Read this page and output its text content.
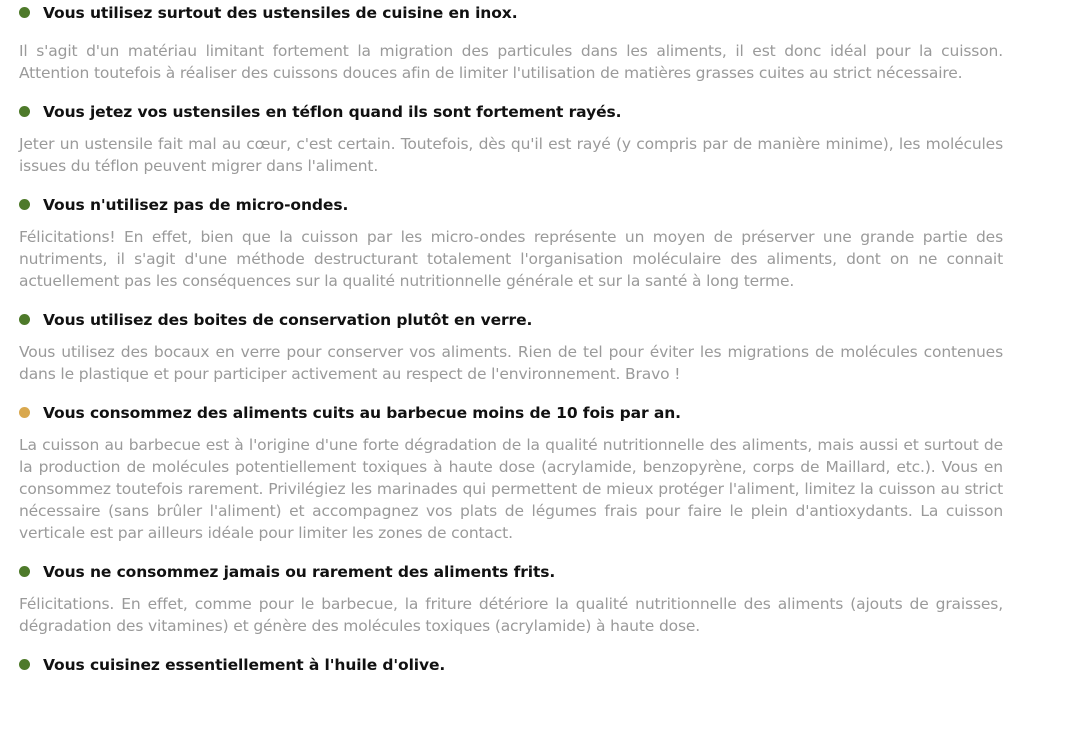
Vous utilisez surtout des ustensiles de cuisine en inox.

Il s'agit d'un matériau limitant fortement la migration des particules dans les aliments, il est donc idéal pour la cuisson. Attention toutefois à réaliser des cuissons douces afin de limiter l'utilisation de matières grasses cuites au strict nécessaire.

Vous jetez vos ustensiles en téflon quand ils sont fortement rayés.

Jeter un ustensile fait mal au cœur, c'est certain. Toutefois, dès qu'il est rayé (y compris par de manière minime), les molécules issues du téflon peuvent migrer dans l'aliment.

Vous n'utilisez pas de micro-ondes.

Félicitations! En effet, bien que la cuisson par les micro-ondes représente un moyen de préserver une grande partie des nutriments, il s'agit d'une méthode destructurant totalement l'organisation moléculaire des aliments, dont on ne connait actuellement pas les conséquences sur la qualité nutritionnelle générale et sur la santé à long terme.

Vous utilisez des boites de conservation plutôt en verre.

Vous utilisez des bocaux en verre pour conserver vos aliments. Rien de tel pour éviter les migrations de molécules contenues dans le plastique et pour participer activement au respect de l'environnement. Bravo !

Vous consommez des aliments cuits au barbecue moins de 10 fois par an.

La cuisson au barbecue est à l'origine d'une forte dégradation de la qualité nutritionnelle des aliments, mais aussi et surtout de la production de molécules potentiellement toxiques à haute dose (acrylamide, benzopyrène, corps de Maillard, etc.). Vous en consommez toutefois rarement. Privilégiez les marinades qui permettent de mieux protéger l'aliment, limitez la cuisson au strict nécessaire (sans brûler l'aliment) et accompagnez vos plats de légumes frais pour faire le plein d'antioxydants. La cuisson verticale est par ailleurs idéale pour limiter les zones de contact.

Vous ne consommez jamais ou rarement des aliments frits.

Félicitations. En effet, comme pour le barbecue, la friture détériore la qualité nutritionnelle des aliments (ajouts de graisses, dégradation des vitamines) et génère des molécules toxiques (acrylamide) à haute dose.

Vous cuisinez essentiellement à l'huile d'olive.
